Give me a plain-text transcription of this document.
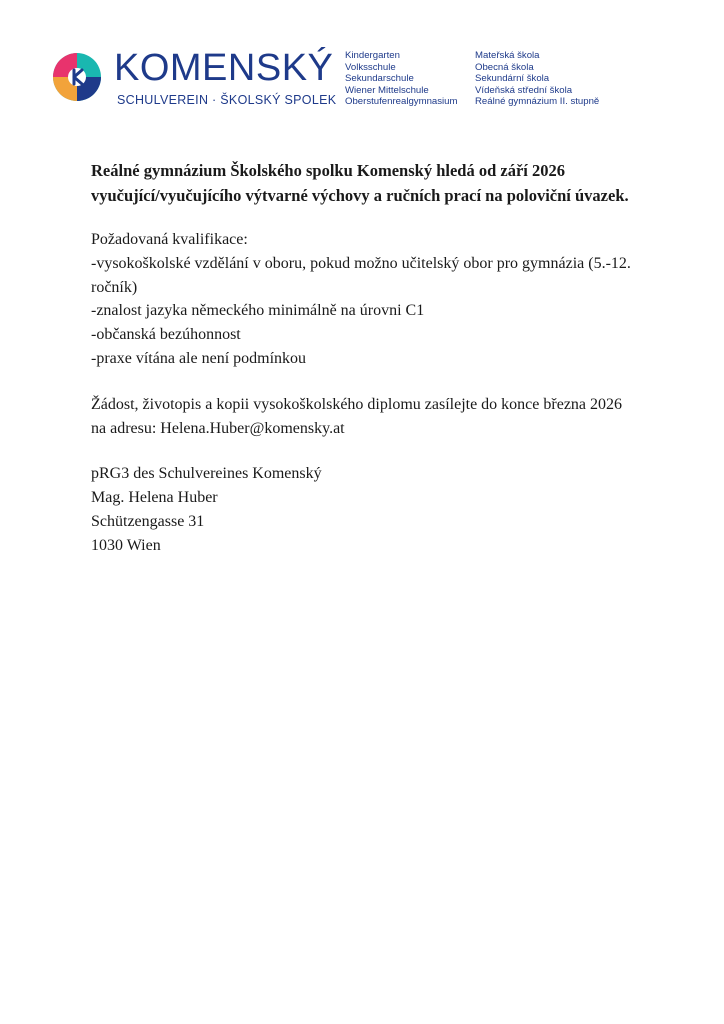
KOMENSKÝ
SCHULVEREIN · ŠKOLSKÝ SPOLEK
Kindergarten
Volksschule
Sekundarschule
Wiener Mittelschule
Oberstufenrealgymnasium
Mateřská škola
Obecná škola
Sekundární škola
Vídeňská střední škola
Reálné gymnázium II. stupně

Reálné gymnázium Školského spolku Komenský hledá od září 2026 vyučující/vyučujícího výtvarné výchovy a ručních prací na poloviční úvazek.

Požadovaná kvalifikace:
-vysokoškolské vzdělání v oboru, pokud možno učitelský obor pro gymnázia (5.-12. ročník)
-znalost jazyka německého minimálně na úrovni C1
-občanská bezúhonnost
-praxe vítána ale není podmínkou

Žádost, životopis a kopii vysokoškolského diplomu zasílejte do konce března 2026 na adresu: Helena.Huber@komensky.at

pRG3 des Schulvereines Komenský
Mag. Helena Huber
Schützengasse 31
1030 Wien
